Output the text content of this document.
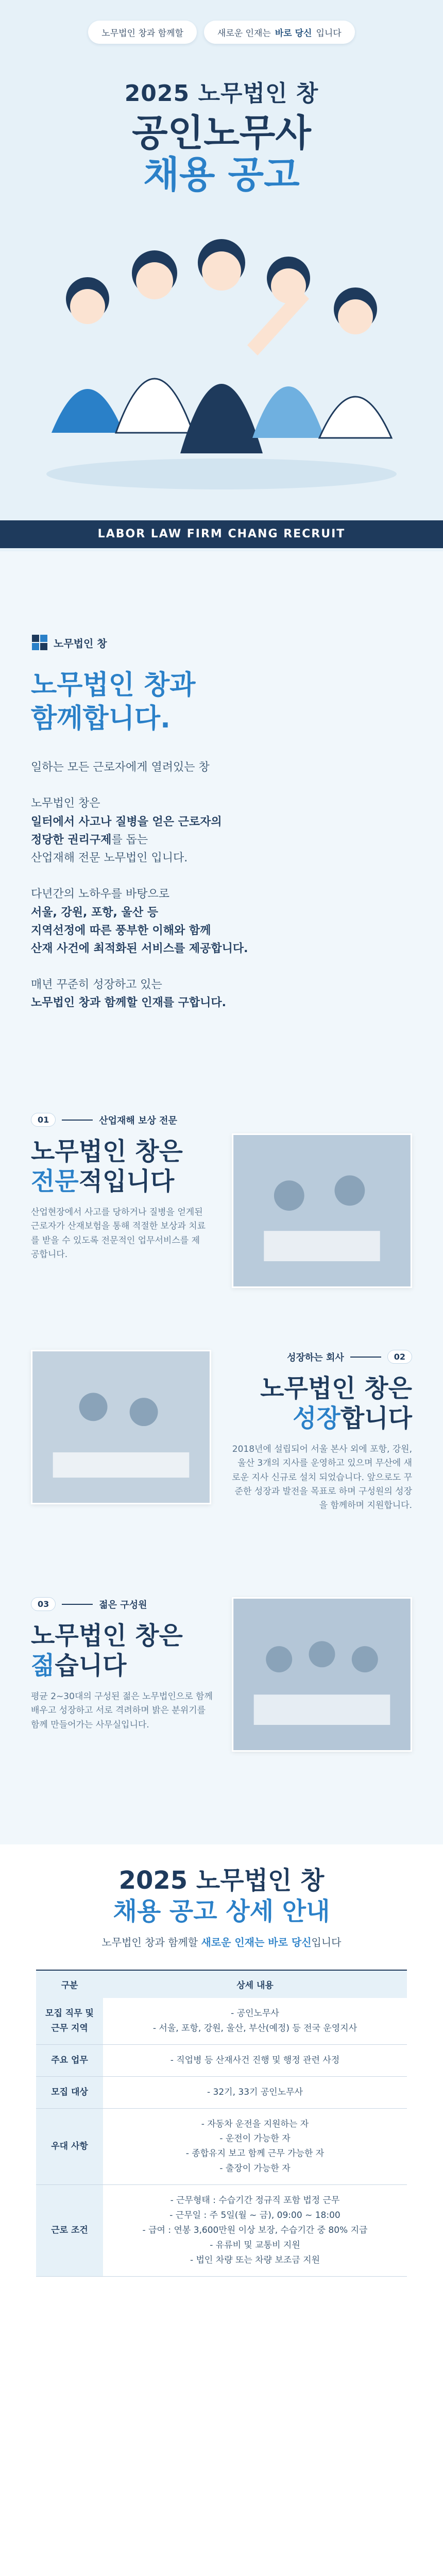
노무법인 창과 함께할	새로운 인재는 바로 당신 입니다
2025 노무법인 창
공인노무사
채용 공고
LABOR LAW FIRM CHANG RECRUIT
노무법인 창
노무법인 창과
함께합니다.
일하는 모든 근로자에게 열려있는 창

노무법인 창은
일터에서 사고나 질병을 얻은 근로자의
정당한 권리구제를 돕는
산업재해 전문 노무법인 입니다.

다년간의 노하우를 바탕으로
서울, 강원, 포항, 울산 등
지역선정에 따른 풍부한 이해와 함께
산재 사건에 최적화된 서비스를 제공합니다.

매년 꾸준히 성장하고 있는
노무법인 창과 함께할 인재를 구합니다.
01	산업재해 보상 전문
노무법인 창은
전문적입니다

산업현장에서 사고를 당하거나 질병을 얻게된 근로자가 산재보험을 통해 적절한 보상과 치료를 받을 수 있도록 전문적인 업무서비스를 제공합니다.

성장하는 회사	02
노무법인 창은
성장합니다

2018년에 설립되어 서울 본사 외에 포항, 강원, 울산 3개의 지사를 운영하고 있으며 무산에 새로운 지사 신규로 설치 되었습니다. 앞으로도 꾸준한 성장과 발전을 목표로 하며 구성원의 성장을 함께하며 지원합니다.

03	젊은 구성원
노무법인 창은
젊습니다

평균 2~30대의 구성된 젊은 노무법인으로 함께 배우고 성장하고 서로 격려하며 밝은 분위기를 함께 만들어가는 사무실입니다.

2025 노무법인 창
채용 공고 상세 안내
노무법인 창과 함께할 새로운 인재는 바로 당신입니다
구분	상세 내용
모집 직무 및 근무 지역	- 공인노무사
- 서울, 포항, 강원, 울산, 부산(예정) 등 전국 운영지사

주요 업무	- 직업병 등 산재사건 진행 및 행정 관련 사정

모집 대상	- 32기, 33기 공인노무사

우대 사항	- 자동차 운전을 지원하는 자
- 운전이 가능한 자
- 종합유지 보고 함께 근무 가능한 자
- 출장이 가능한 자

근로 조건	- 근무형태 : 수습기간 정규직 포함 법정 근무
- 근무일 : 주 5일(월 ~ 금), 09:00 ~ 18:00
- 급여 : 연봉 3,600만원 이상 보장, 수습기간 중 80% 지급
- 유류비 및 교통비 지원
- 법인 차량 또는 차량 보조금 지원
